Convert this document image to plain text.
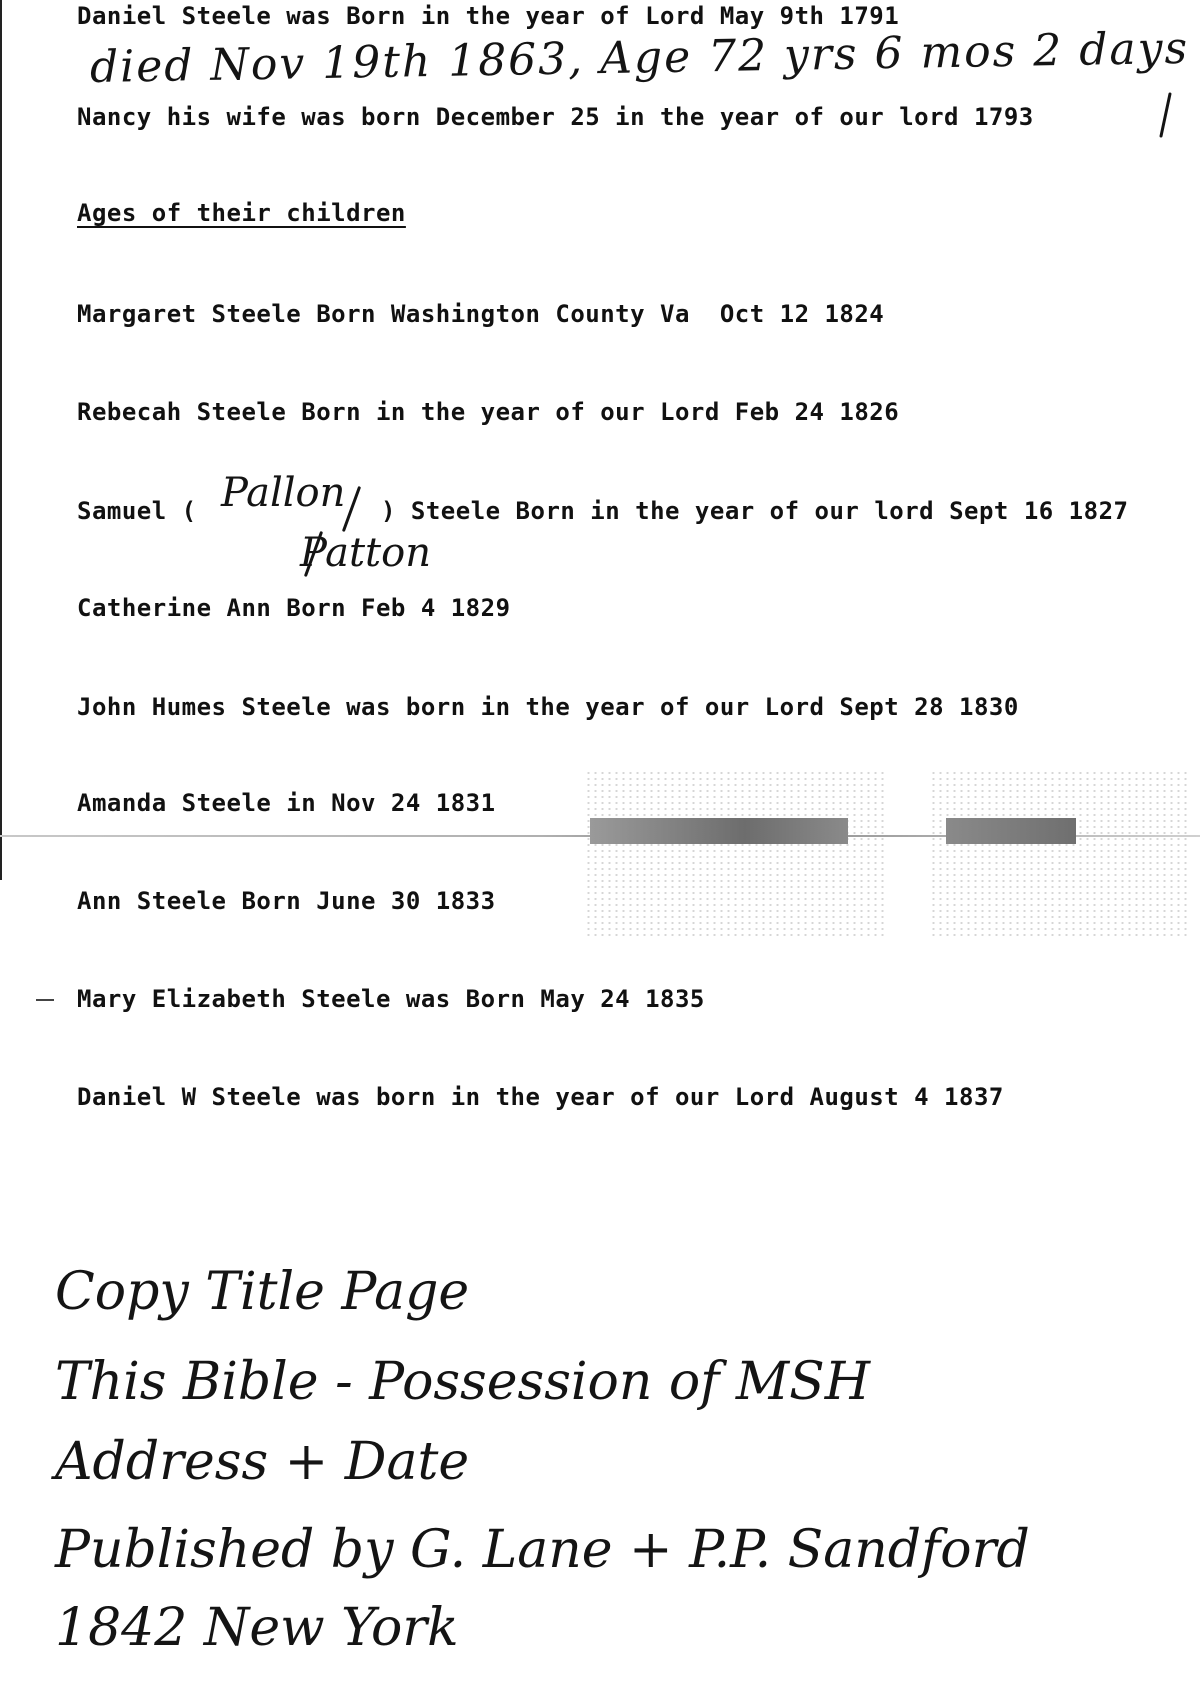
Daniel Steele was Born in the year of Lord May 9th 1791
died Nov 19th 1863, Age 72 yrs 6 mos 2 days
Nancy his wife was born December 25 in the year of our lord 1793
Ages of their children
Margaret Steele Born Washington County Va  Oct 12 1824
Rebecah Steele Born in the year of our Lord Feb 24 1826
Samuel ( Pallon ) Steele Born in the year of our lord Sept 16 1827
Patton
Catherine Ann Born Feb 4 1829
John Humes Steele was born in the year of our Lord Sept 28 1830
Amanda Steele in Nov 24 1831
Ann Steele Born June 30 1833
Mary Elizabeth Steele was Born May 24 1835
Daniel W Steele was born in the year of our Lord August 4 1837
Copy Title Page
This Bible - Possession of MSH
Address + Date
Published by G. Lane + P.P. Sandford
1842 New York
